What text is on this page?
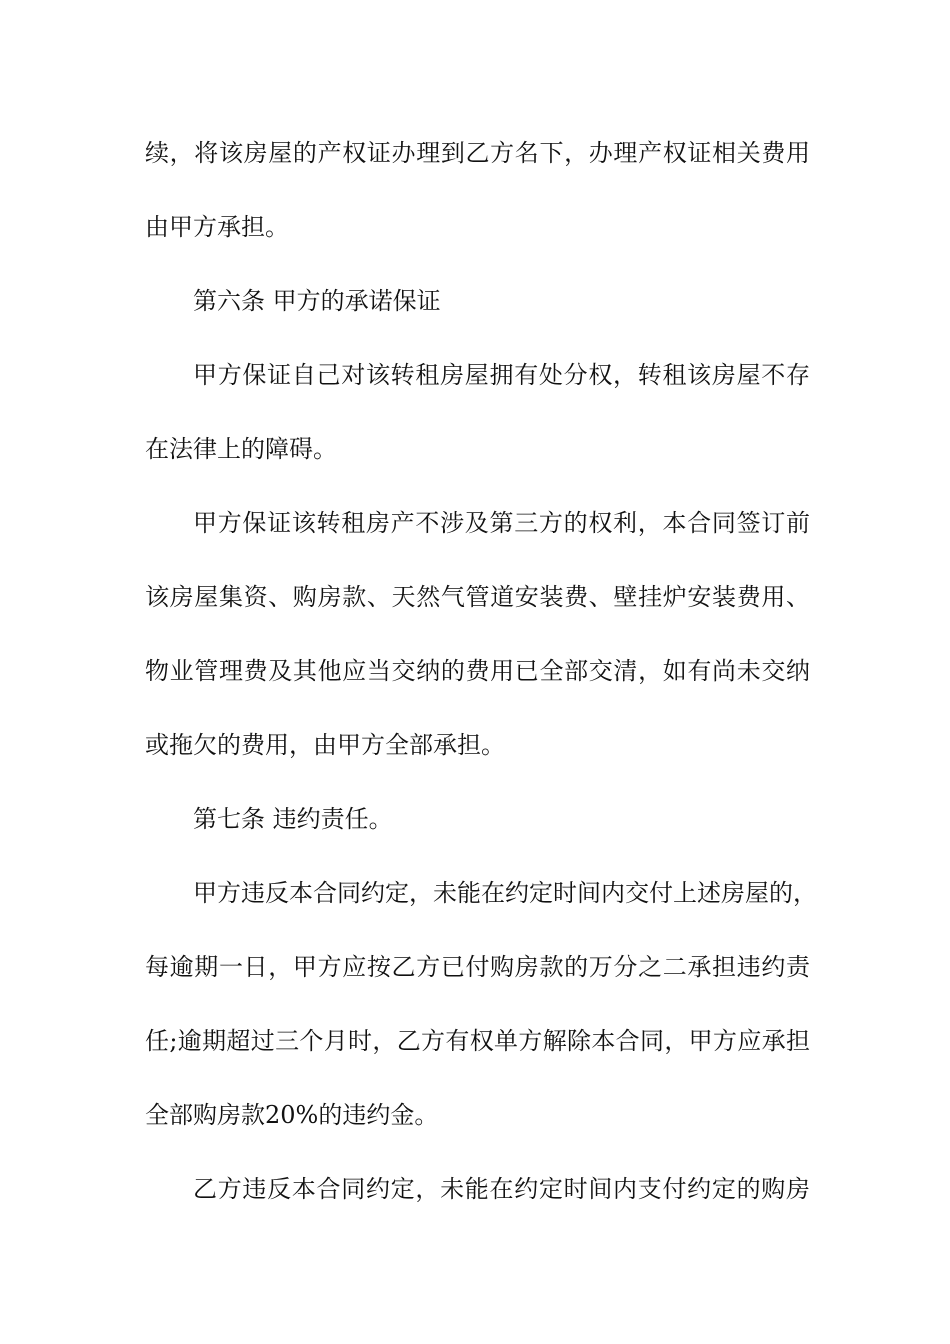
续，将该房屋的产权证办理到乙方名下，办理产权证相关费用
由甲方承担。
第六条 甲方的承诺保证
甲方保证自己对该转租房屋拥有处分权，转租该房屋不存
在法律上的障碍。
甲方保证该转租房产不涉及第三方的权利，本合同签订前
该房屋集资、购房款、天然气管道安装费、壁挂炉安装费用、
物业管理费及其他应当交纳的费用已全部交清，如有尚未交纳
或拖欠的费用，由甲方全部承担。
第七条 违约责任。
甲方违反本合同约定，未能在约定时间内交付上述房屋的，
每逾期一日，甲方应按乙方已付购房款的万分之二承担违约责
任;逾期超过三个月时，乙方有权单方解除本合同，甲方应承担
全部购房款20%的违约金。
乙方违反本合同约定，未能在约定时间内支付约定的购房
